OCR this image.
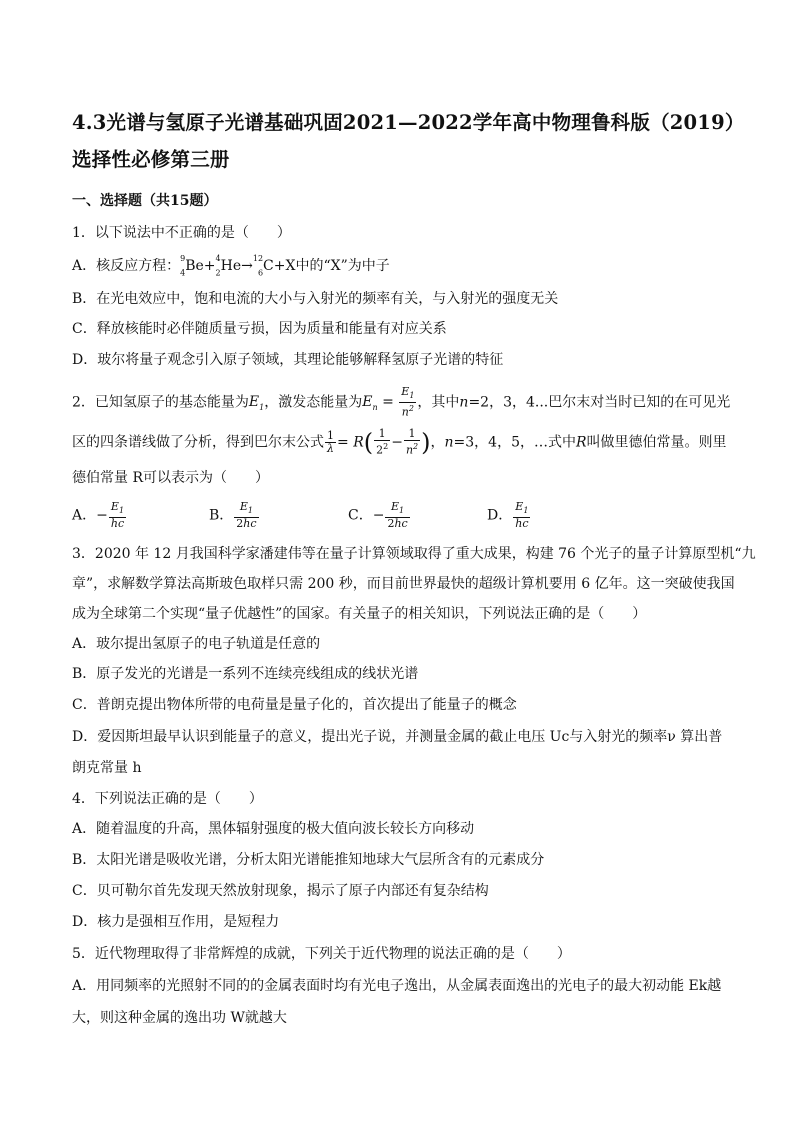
4.3光谱与氢原子光谱基础巩固2021—2022学年高中物理鲁科版（2019）选择性必修第三册
一、选择题（共15题）
1．以下说法中不正确的是（　　）
A．核反应方程：$^9$
$_4$Be+$^4$
$_2$He→$^{12}$
$_6$C+X中的“X”为中子
B．在光电效应中，饱和电流的大小与入射光的频率有关，与入射光的强度无关
C．释放核能时必伴随质量亏损，因为质量和能量有对应关系
D．玻尔将量子观念引入原子领域，其理论能够解释氢原子光谱的特征
2．已知氢原子的基态能量为$E_1$，激发态能量为$E_n = \frac{E_1}{n^2}$ ，其中n=2，3，4...巴尔末对当时已知的在可见光
区的四条谱线做了分析，得到巴尔末公式 $\frac{1}{\lambda} = R( \frac{1}{2^2} - \frac{1}{n^2}$ )，n=3，4，5，…式中R叫做里德伯常量。则里
德伯常量 R可以表示为（　　）
A．− $\frac{E_1}{hc}$	B． $\frac{E_1}{2hc}$	C．− $\frac{E_1}{2hc}$	D． $\frac{E_1}{hc}$
3．2020 年 12 月我国科学家潘建伟等在量子计算领域取得了重大成果，构建 76 个光子的量子计算原型机“九
章”，求解数学算法高斯玻色取样只需 200 秒，而目前世界最快的超级计算机要用 6 亿年。这一突破使我国
成为全球第二个实现“量子优越性”的国家。有关量子的相关知识，下列说法正确的是（　　）
A．玻尔提出氢原子的电子轨道是任意的
B．原子发光的光谱是一系列不连续亮线组成的线状光谱
C．普朗克提出物体所带的电荷量是量子化的，首次提出了能量子的概念
D．爱因斯坦最早认识到能量子的意义，提出光子说，并测量金属的截止电压 Uc与入射光的频率ν 算出普
朗克常量 h
4．下列说法正确的是（　　）
A．随着温度的升高，黑体辐射强度的极大值向波长较长方向移动
B．太阳光谱是吸收光谱，分析太阳光谱能推知地球大气层所含有的元素成分
C．贝可勒尔首先发现天然放射现象，揭示了原子内部还有复杂结构
D．核力是强相互作用，是短程力
5．近代物理取得了非常辉煌的成就，下列关于近代物理的说法正确的是（　　）
A．用同频率的光照射不同的的金属表面时均有光电子逸出，从金属表面逸出的光电子的最大初动能 Ek越
大，则这种金属的逸出功 W就越大
